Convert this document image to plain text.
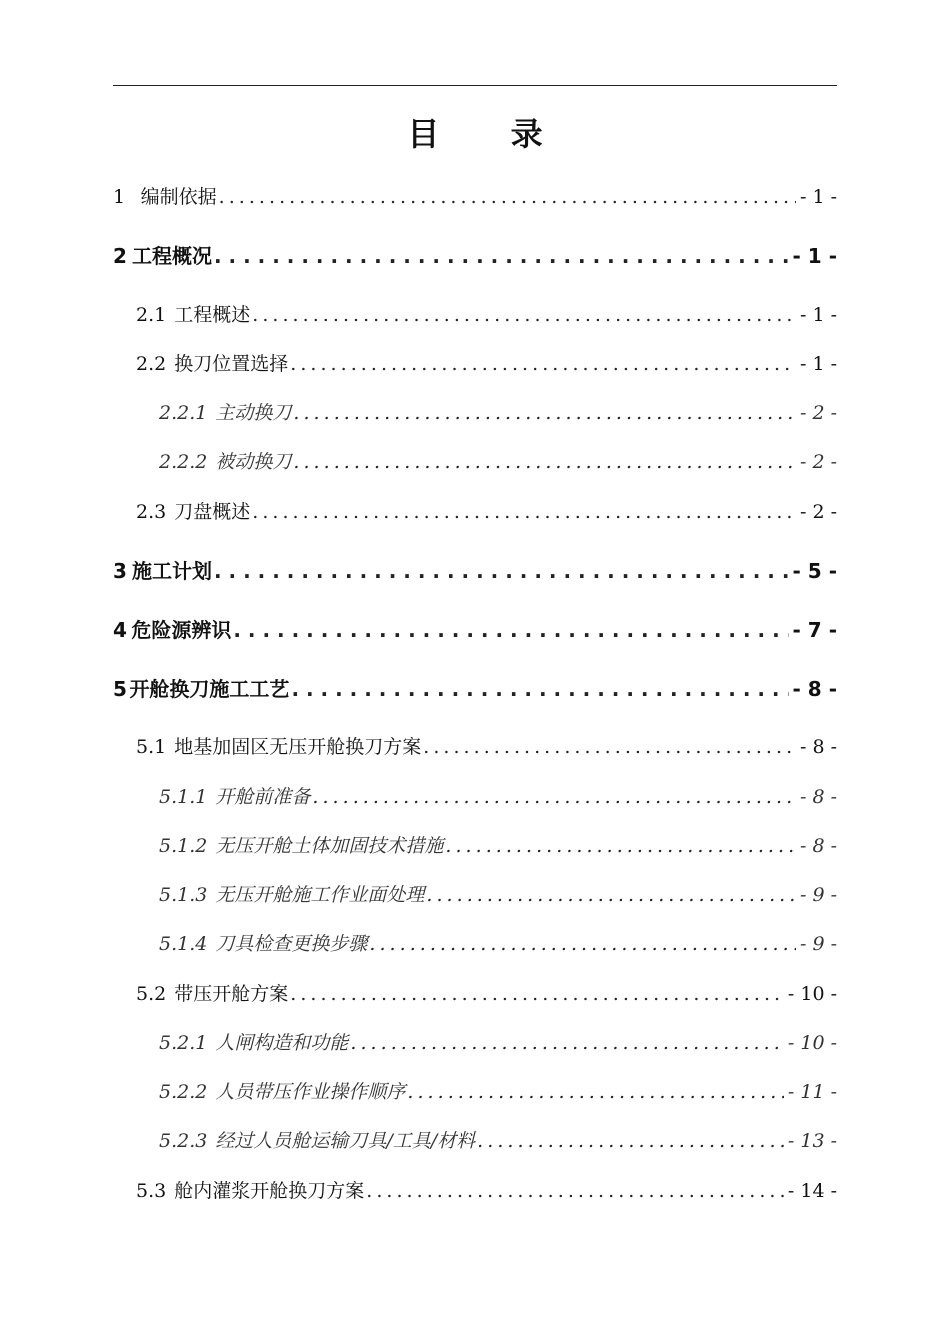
目 录
1 编制依据 . . .	- 1 -
2 工程概况 . . .	- 1 -
2.1 工程概述 . . .	- 1 -
2.2 换刀位置选择 . . .	- 1 -
2.2.1 主动换刀 . . .	- 2 -
2.2.2 被动换刀 . . .	- 2 -
2.3 刀盘概述 . . .	- 2 -
3 施工计划 . . .	- 5 -
4 危险源辨识 . . .	- 7 -
5 开舱换刀施工工艺 . . .	- 8 -
5.1 地基加固区无压开舱换刀方案 . . .	- 8 -
5.1.1 开舱前准备 . . .	- 8 -
5.1.2 无压开舱土体加固技术措施 . . .	- 8 -
5.1.3 无压开舱施工作业面处理 . . .	- 9 -
5.1.4 刀具检查更换步骤 . . .	- 9 -
5.2 带压开舱方案 . . .	- 10 -
5.2.1 人闸构造和功能 . . .	- 10 -
5.2.2 人员带压作业操作顺序 . . .	- 11 -
5.2.3 经过人员舱运输刀具/工具/材料 . . .	- 13 -
5.3 舱内灌浆开舱换刀方案 . . .	- 14 -
